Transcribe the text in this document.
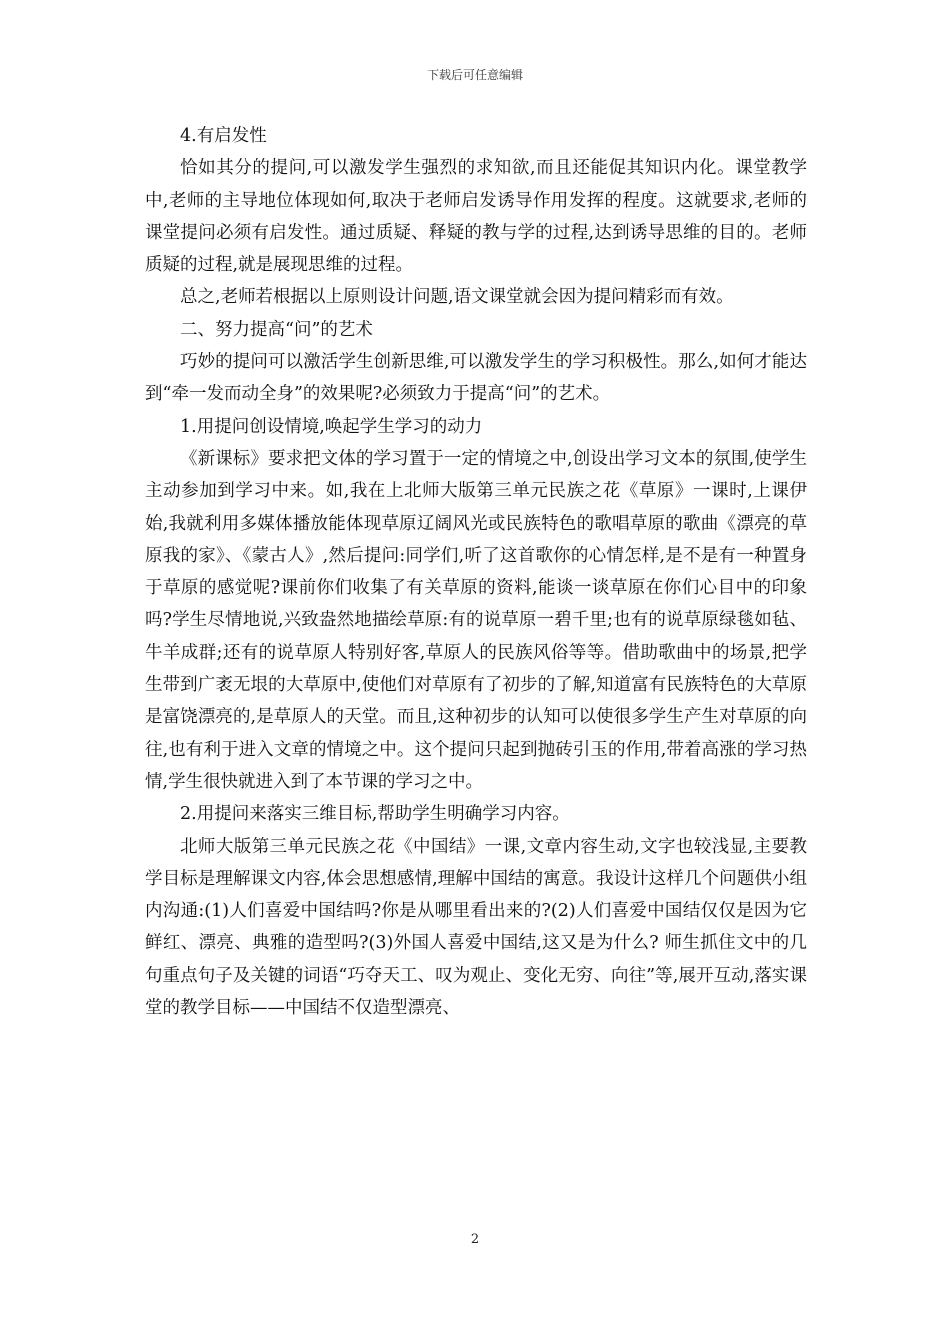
下载后可任意编辑

4.有启发性

恰如其分的提问,可以激发学生强烈的求知欲,而且还能促其知识内化。课堂教学中,老师的主导地位体现如何,取决于老师启发诱导作用发挥的程度。这就要求,老师的课堂提问必须有启发性。通过质疑、释疑的教与学的过程,达到诱导思维的目的。老师质疑的过程,就是展现思维的过程。

总之,老师若根据以上原则设计问题,语文课堂就会因为提问精彩而有效。

二、努力提高“问”的艺术

巧妙的提问可以激活学生创新思维,可以激发学生的学习积极性。那么,如何才能达到“牵一发而动全身”的效果呢?必须致力于提高“问”的艺术。

1.用提问创设情境,唤起学生学习的动力

《新课标》要求把文体的学习置于一定的情境之中,创设出学习文本的氛围,使学生主动参加到学习中来。如,我在上北师大版第三单元民族之花《草原》一课时,上课伊始,我就利用多媒体播放能体现草原辽阔风光或民族特色的歌唱草原的歌曲《漂亮的草原我的家》、《蒙古人》,然后提问:同学们,听了这首歌你的心情怎样,是不是有一种置身于草原的感觉呢?课前你们收集了有关草原的资料,能谈一谈草原在你们心目中的印象吗?学生尽情地说,兴致盎然地描绘草原:有的说草原一碧千里;也有的说草原绿毯如毡、牛羊成群;还有的说草原人特别好客,草原人的民族风俗等等。借助歌曲中的场景,把学生带到广袤无垠的大草原中,使他们对草原有了初步的了解,知道富有民族特色的大草原是富饶漂亮的,是草原人的天堂。而且,这种初步的认知可以使很多学生产生对草原的向往,也有利于进入文章的情境之中。这个提问只起到抛砖引玉的作用,带着高涨的学习热情,学生很快就进入到了本节课的学习之中。

2.用提问来落实三维目标,帮助学生明确学习内容。

北师大版第三单元民族之花《中国结》一课,文章内容生动,文字也较浅显,主要教学目标是理解课文内容,体会思想感情,理解中国结的寓意。我设计这样几个问题供小组内沟通:(1)人们喜爱中国结吗?你是从哪里看出来的?(2)人们喜爱中国结仅仅是因为它鲜红、漂亮、典雅的造型吗?(3)外国人喜爱中国结,这又是为什么? 师生抓住文中的几句重点句子及关键的词语“巧夺天工、叹为观止、变化无穷、向往”等,展开互动,落实课堂的教学目标——中国结不仅造型漂亮、

2
